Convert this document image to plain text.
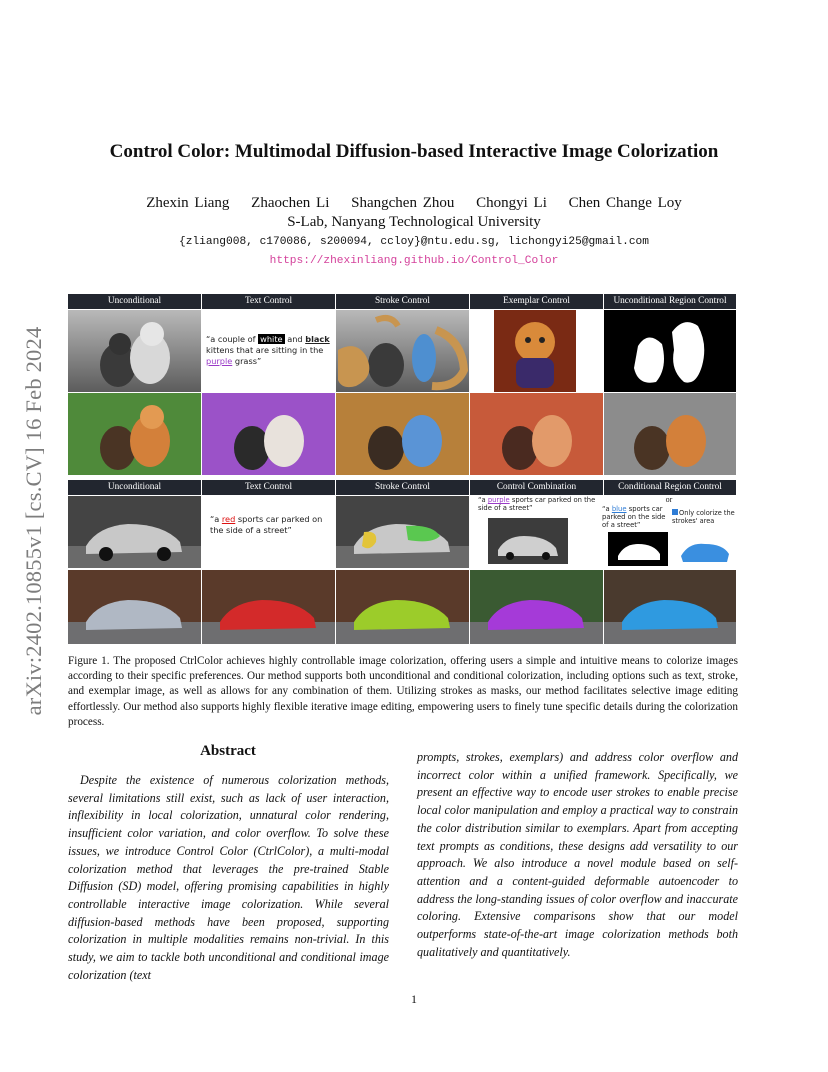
arXiv:2402.10855v1 [cs.CV] 16 Feb 2024
Control Color: Multimodal Diffusion-based Interactive Image Colorization
Zhexin Liang Zhaochen Li Shangchen Zhou Chongyi Li Chen Change Loy
S-Lab, Nanyang Technological University
{zliang008, c170086, s200094, ccloy}@ntu.edu.sg, lichongyi25@gmail.com
https://zhexinliang.github.io/Control_Color
Unconditional	Text Control	Stroke Control	Exemplar Control	Unconditional Region Control
“a couple of white and black kittens that are sitting in the purple grass”
Unconditional	Text Control	Stroke Control	Control Combination	Conditional Region Control
“a red sports car parked on the side of a street”
“a purple sports car parked on the side of a street”	“a blue sports car parked on the side of a street”
or
Only colorize the strokes' area
Figure 1. The proposed CtrlColor achieves highly controllable image colorization, offering users a simple and intuitive means to colorize images according to their specific preferences. Our method supports both unconditional and conditional colorization, including options such as text, stroke, and exemplar image, as well as allows for any combination of them. Utilizing strokes as masks, our method facilitates selective image editing effortlessly. Our method also supports highly flexible iterative image editing, empowering users to finely tune specific details during the colorization process.
Abstract
Despite the existence of numerous colorization methods, several limitations still exist, such as lack of user interaction, inflexibility in local colorization, unnatural color rendering, insufficient color variation, and color overflow. To solve these issues, we introduce Control Color (CtrlColor), a multi-modal colorization method that leverages the pre-trained Stable Diffusion (SD) model, offering promising capabilities in highly controllable interactive image colorization. While several diffusion-based methods have been proposed, supporting colorization in multiple modalities remains non-trivial. In this study, we aim to tackle both unconditional and conditional image colorization (text
prompts, strokes, exemplars) and address color overflow and incorrect color within a unified framework. Specifically, we present an effective way to encode user strokes to enable precise local color manipulation and employ a practical way to constrain the color distribution similar to exemplars. Apart from accepting text prompts as conditions, these designs add versatility to our approach. We also introduce a novel module based on self-attention and a content-guided deformable autoencoder to address the long-standing issues of color overflow and inaccurate coloring. Extensive comparisons show that our model outperforms state-of-the-art image colorization methods both qualitatively and quantitatively.
1
